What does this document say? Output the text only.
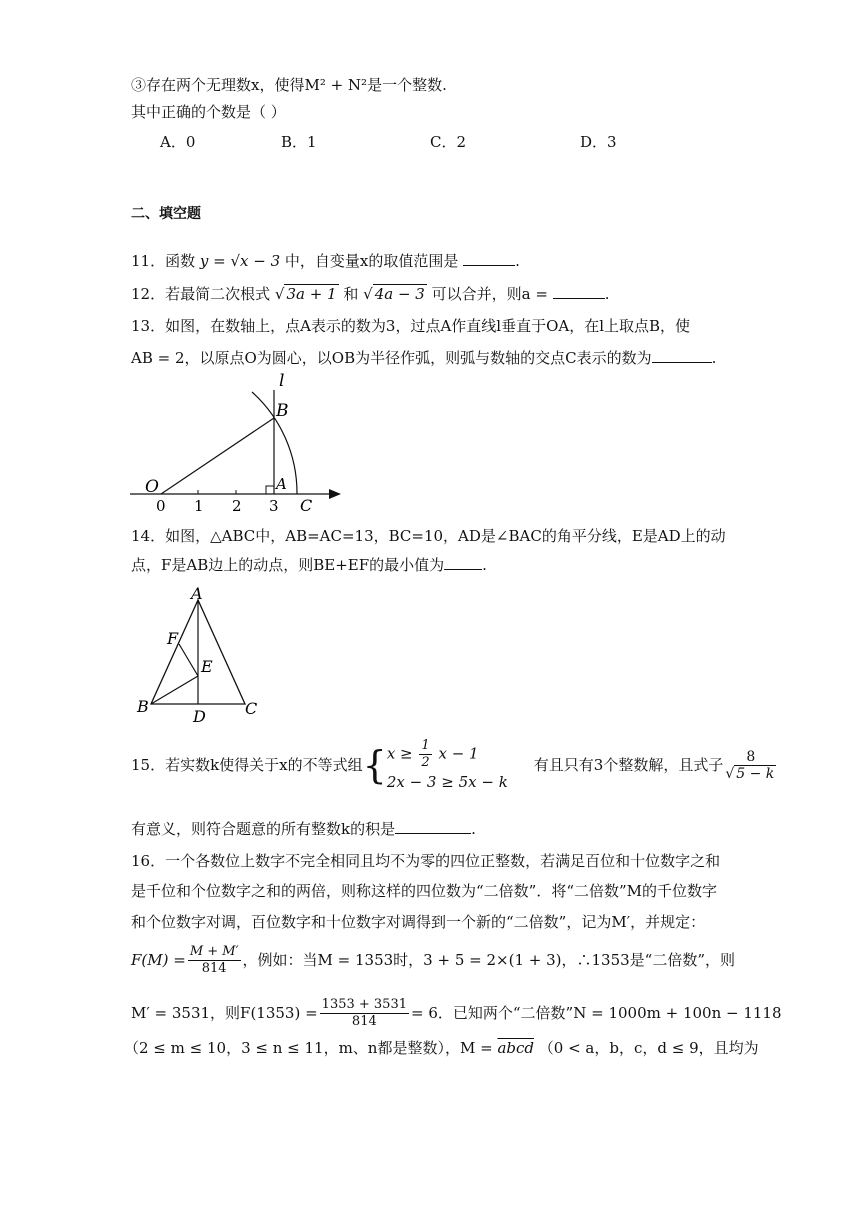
③存在两个无理数x，使得M² + N²是一个整数.
其中正确的个数是（ ）
A．0	B．1	C．2	D．3
二、填空题
11．函数 y = √x − 3 中，自变量x的取值范围是	.
12．若最简二次根式 √ 3a + 1 和 √ 4a − 3 可以合并，则a =	.
13．如图，在数轴上，点A表示的数为3，过点A作直线l垂直于OA，在l上取点B，使
AB = 2，以原点O为圆心，以OB为半径作弧，则弧与数轴的交点C表示的数为	.
O
B
A
C
l
0 1 2 3
14．如图，△ABC中，AB=AC=13，BC=10，AD是∠BAC的角平分线，E是AD上的动
点，F是AB边上的动点，则BE+EF的最小值为	.
A
F
E
B
D C
15．若实数k使得关于x的不等式组 { $x \ge \frac{1}{2}$ x − 1
2x − 3 ≥ 5x − k
有且只有3个整数解，且式子 $\frac{8}{√ 5 - k}$
有意义，则符合题意的所有整数k的积是	.
16．一个各数位上数字不完全相同且均不为零的四位正整数，若满足百位和十位数字之和
是千位和个位数字之和的两倍，则称这样的四位数为“二倍数”．将“二倍数”M的千位数字
和个位数字对调，百位数字和十位数字对调得到一个新的“二倍数”，记为M′，并规定：
$F(M) = \frac{M + M'}{814}$ ，例如：当M = 1353时，3 + 5 = 2×(1 + 3)，∴1353是“二倍数”，则
M′ = 3531，则$F(1353) = \frac{1353 + 3531}{814} = 6$．已知两个“二倍数”N = 1000m + 100n − 1118
（2 ≤ m ≤ 10，3 ≤ n ≤ 11，m、n都是整数），M = abcd （0 < a，b，c，d ≤ 9，且均为
